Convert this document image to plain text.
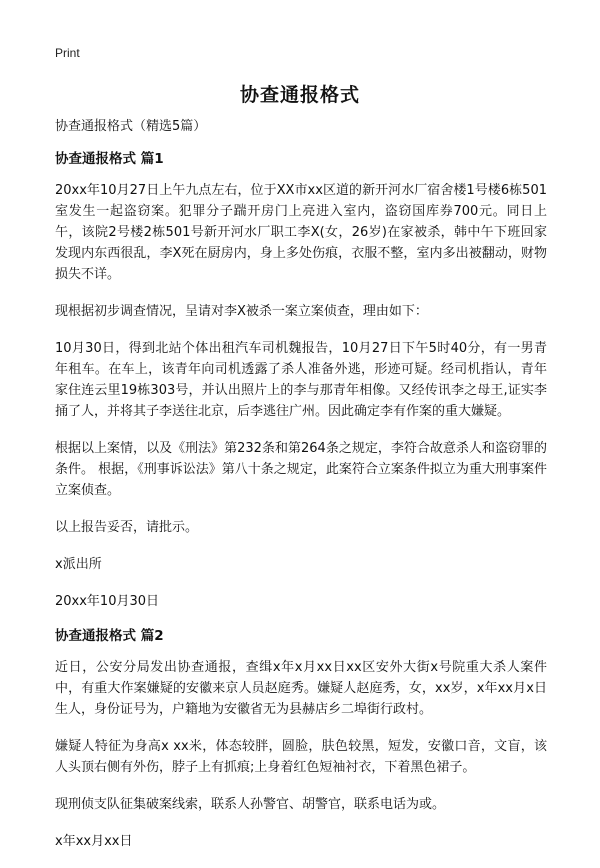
Print
协查通报格式

协查通报格式（精选5篇）

协查通报格式 篇1

20xx年10月27日上午九点左右，位于XX市xx区道的新开河水厂宿舍楼1号楼6栋501室发生一起盗窃案。犯罪分子踹开房门上亮进入室内，盗窃国库券700元。同日上午，该院2号楼2栋501号新开河水厂职工李X(女，26岁)在家被杀，韩中午下班回家发现内东西很乱，李X死在厨房内，身上多处伤痕，衣服不整，室内多出被翻动，财物损失不详。

现根据初步调查情况，呈请对李X被杀一案立案侦查，理由如下：

10月30日，得到北站个体出租汽车司机魏报告，10月27日下午5时40分，有一男青年租车。在车上，该青年向司机透露了杀人准备外逃，形迹可疑。经司机指认，青年家住连云里19栋303号，并认出照片上的李与那青年相像。又经传讯李之母王,证实李捅了人，并将其子李送往北京，后李逃往广州。因此确定李有作案的重大嫌疑。

根据以上案情，以及《刑法》第232条和第264条之规定，李符合故意杀人和盗窃罪的条件。 根据，《刑事诉讼法》第八十条之规定，此案符合立案条件拟立为重大刑事案件立案侦查。

以上报告妥否，请批示。

x派出所

20xx年10月30日

协查通报格式 篇2

近日，公安分局发出协查通报，查缉x年x月xx日xx区安外大街x号院重大杀人案件中，有重大作案嫌疑的安徽来京人员赵庭秀。嫌疑人赵庭秀，女，xx岁，x年xx月x日生人，身份证号为，户籍地为安徽省无为县赫店乡二埠街行政村。

嫌疑人特征为身高x xx米，体态较胖，圆脸，肤色较黑，短发，安徽口音，文盲，该人头顶右侧有外伤，脖子上有抓痕;上身着红色短袖衬衣，下着黑色裙子。

现刑侦支队征集破案线索，联系人孙警官、胡警官，联系电话为或。

x年xx月xx日
